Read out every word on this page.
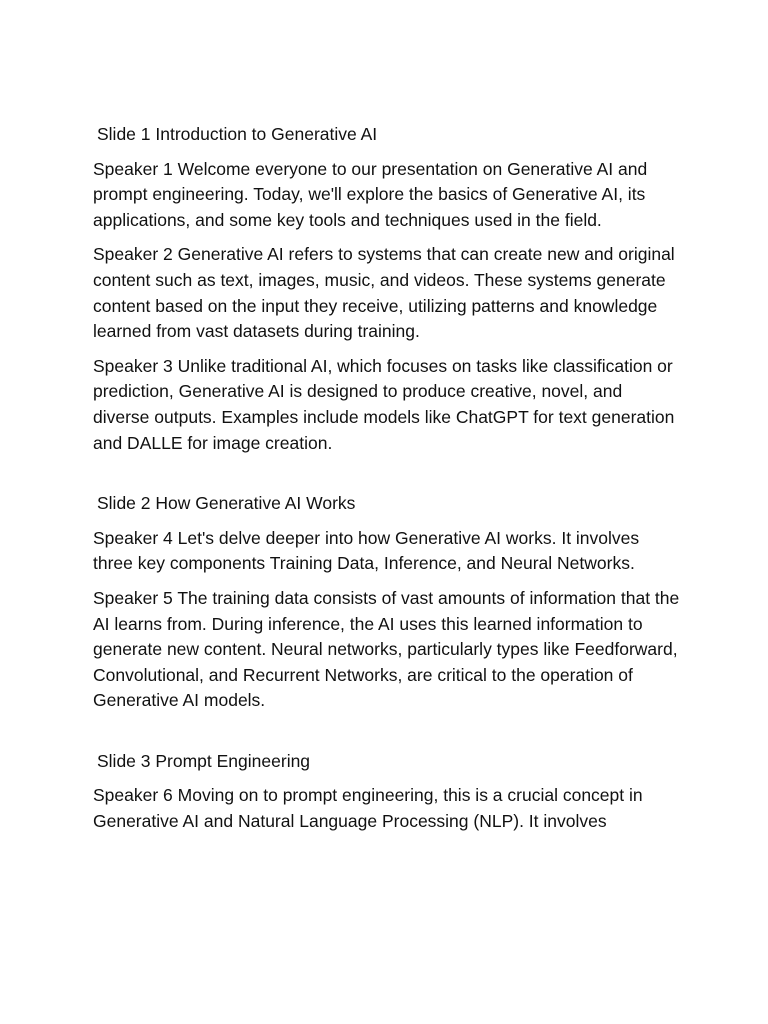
Slide 1 Introduction to Generative AI

Speaker 1 Welcome everyone to our presentation on Generative AI and prompt engineering. Today, we'll explore the basics of Generative AI, its applications, and some key tools and techniques used in the field.

Speaker 2 Generative AI refers to systems that can create new and original content such as text, images, music, and videos. These systems generate content based on the input they receive, utilizing patterns and knowledge learned from vast datasets during training.

Speaker 3 Unlike traditional AI, which focuses on tasks like classification or prediction, Generative AI is designed to produce creative, novel, and diverse outputs. Examples include models like ChatGPT for text generation and DALLE for image creation.

Slide 2 How Generative AI Works

Speaker 4 Let's delve deeper into how Generative AI works. It involves three key components Training Data, Inference, and Neural Networks.

Speaker 5 The training data consists of vast amounts of information that the AI learns from. During inference, the AI uses this learned information to generate new content. Neural networks, particularly types like Feedforward, Convolutional, and Recurrent Networks, are critical to the operation of Generative AI models.

Slide 3 Prompt Engineering

Speaker 6 Moving on to prompt engineering, this is a crucial concept in Generative AI and Natural Language Processing (NLP). It involves
